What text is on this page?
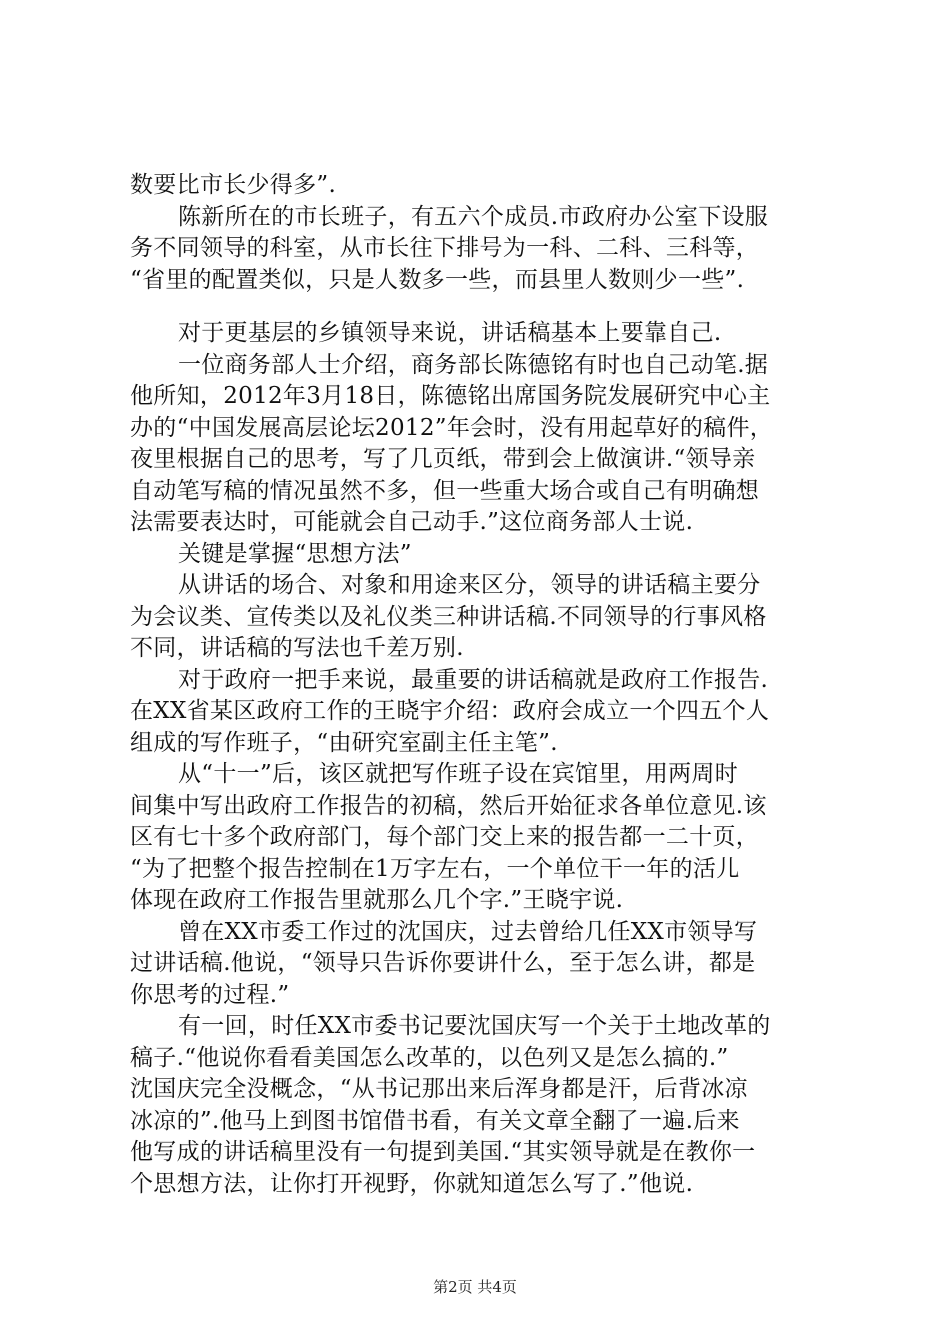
数要比市长少得多”.
陈新所在的市长班子，有五六个成员.市政府办公室下设服
务不同领导的科室，从市长往下排号为一科、二科、三科等，
“省里的配置类似，只是人数多一些，而县里人数则少一些”.
对于更基层的乡镇领导来说，讲话稿基本上要靠自己.
一位商务部人士介绍，商务部长陈德铭有时也自己动笔.据
他所知，2012年3月18日，陈德铭出席国务院发展研究中心主
办的“中国发展高层论坛2012”年会时，没有用起草好的稿件，
夜里根据自己的思考，写了几页纸，带到会上做演讲.“领导亲
自动笔写稿的情况虽然不多，但一些重大场合或自己有明确想
法需要表达时，可能就会自己动手.”这位商务部人士说.
关键是掌握“思想方法”
从讲话的场合、对象和用途来区分，领导的讲话稿主要分
为会议类、宣传类以及礼仪类三种讲话稿.不同领导的行事风格
不同，讲话稿的写法也千差万别.
对于政府一把手来说，最重要的讲话稿就是政府工作报告.
在XX省某区政府工作的王晓宇介绍：政府会成立一个四五个人
组成的写作班子，“由研究室副主任主笔”.
从“十一”后，该区就把写作班子设在宾馆里，用两周时
间集中写出政府工作报告的初稿，然后开始征求各单位意见.该
区有七十多个政府部门，每个部门交上来的报告都一二十页，
“为了把整个报告控制在1万字左右，一个单位干一年的活儿
体现在政府工作报告里就那么几个字.”王晓宇说.
曾在XX市委工作过的沈国庆，过去曾给几任XX市领导写
过讲话稿.他说，“领导只告诉你要讲什么，至于怎么讲，都是
你思考的过程.”
有一回，时任XX市委书记要沈国庆写一个关于土地改革的
稿子.“他说你看看美国怎么改革的，以色列又是怎么搞的.”
沈国庆完全没概念，“从书记那出来后浑身都是汗，后背冰凉
冰凉的”.他马上到图书馆借书看，有关文章全翻了一遍.后来
他写成的讲话稿里没有一句提到美国.“其实领导就是在教你一
个思想方法，让你打开视野，你就知道怎么写了.”他说.
第2页 共4页
